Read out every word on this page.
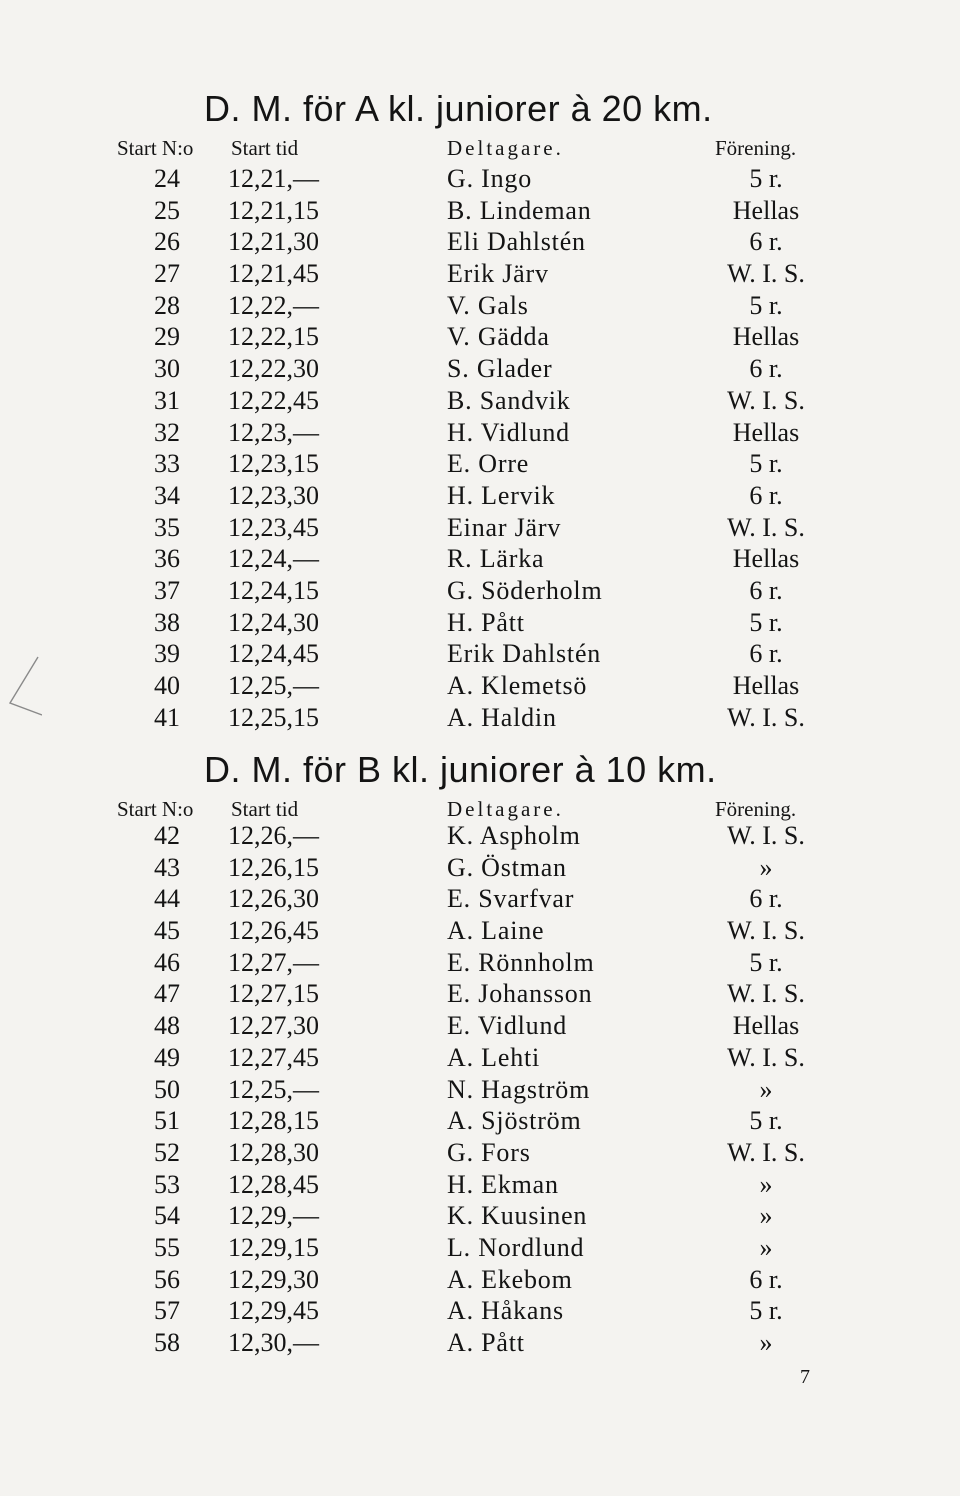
D. M. för A kl. juniorer à 20 km.
Start N:o Start tid	Deltagare.	Förening.
24 12,21,—	G. Ingo	5 r.
25 12,21,15	B. Lindeman	Hellas
26 12,21,30	Eli Dahlstén	6 r.
27 12,21,45	Erik Järv	W. I. S.
28 12,22,—	V. Gals	5 r.
29 12,22,15	V. Gädda	Hellas
30 12,22,30	S. Glader	6 r.
31 12,22,45	B. Sandvik	W. I. S.
32 12,23,—	H. Vidlund	Hellas
33 12,23,15	E. Orre	5 r.
34 12,23,30	H. Lervik	6 r.
35 12,23,45	Einar Järv	W. I. S.
36 12,24,—	R. Lärka	Hellas
37 12,24,15	G. Söderholm	6 r.
38 12,24,30	H. Pått	5 r.
39 12,24,45	Erik Dahlstén	6 r.
40 12,25,—	A. Klemetsö	Hellas
41 12,25,15	A. Haldin	W. I. S.
D. M. för B kl. juniorer à 10 km.
Start N:o Start tid	Deltagare.	Förening.
42 12,26,—	K. Aspholm	W. I. S.
43 12,26,15	G. Östman	»
44 12,26,30	E. Svarfvar	6 r.
45 12,26,45	A. Laine	W. I. S.
46 12,27,—	E. Rönnholm	5 r.
47 12,27,15	E. Johansson	W. I. S.
48 12,27,30	E. Vidlund	Hellas
49 12,27,45	A. Lehti	W. I. S.
50 12,25,—	N. Hagström	»
51 12,28,15	A. Sjöström	5 r.
52 12,28,30	G. Fors	W. I. S.
53 12,28,45	H. Ekman	»
54 12,29,—	K. Kuusinen	»
55 12,29,15	L. Nordlund	»
56 12,29,30	A. Ekebom	6 r.
57 12,29,45	A. Håkans	5 r.
58 12,30,—	A. Pått	»
7
